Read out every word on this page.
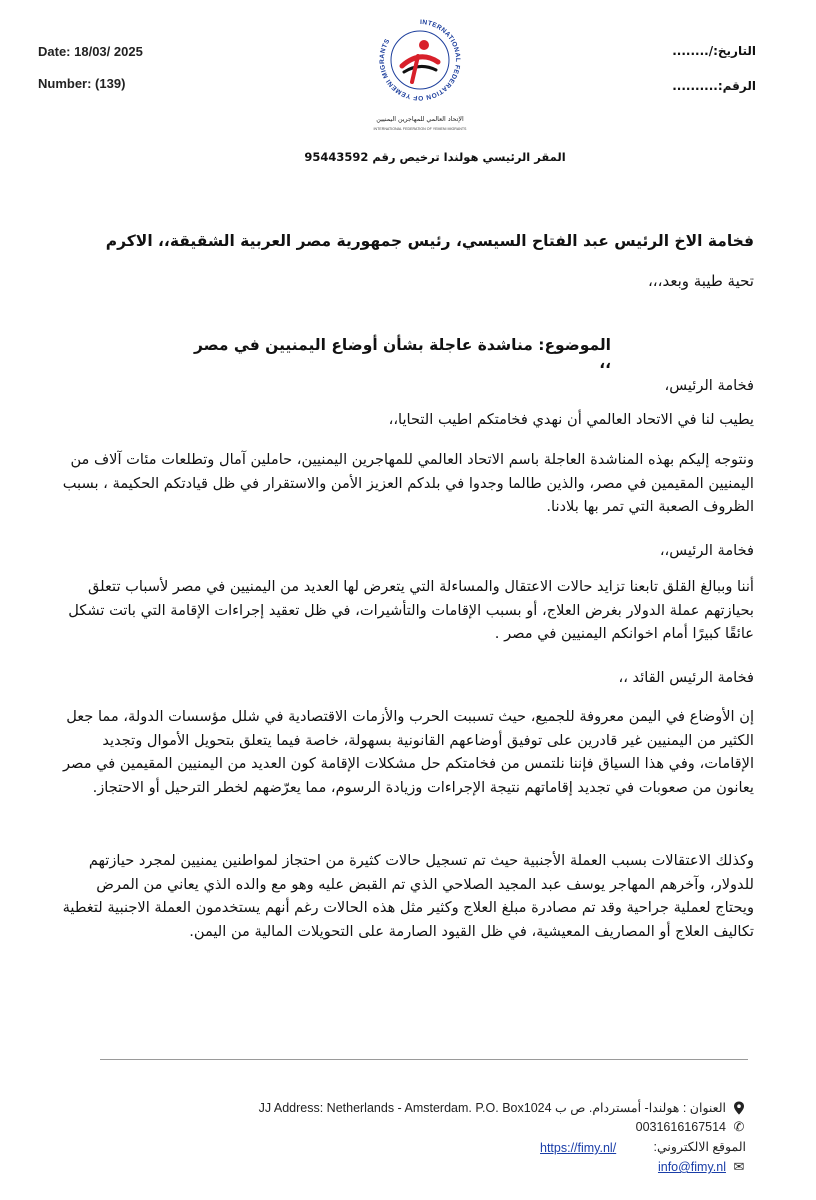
Date: 18/03/ 2025
Number: (139)
التاريخ:/........
الرقم:..........
INTERNATIONAL FEDERATION OF YEMENI MIGRANTS
الإتحاد العالمي للمهاجرين اليمنيين
INTERNATIONAL FEDERATION OF YEMENI MIGRANTS
المقر الرئيسي هولندا ترخيص رقم 95443592
فخامة الاخ الرئيس عبد الفتاح السيسي، رئيس جمهورية مصر العربية الشقيقة،، الاكرم
تحية طيبة وبعد،،،
الموضوع: مناشدة عاجلة بشأن أوضاع اليمنيين في مصر ،،
فخامة الرئيس،
يطيب لنا في الاتحاد العالمي أن نهدي فخامتكم اطيب التحايا،،
ونتوجه إليكم بهذه المناشدة العاجلة باسم الاتحاد العالمي للمهاجرين اليمنيين، حاملين آمال وتطلعات مئات آلاف من اليمنيين المقيمين في مصر، والذين طالما وجدوا في بلدكم العزيز الأمن والاستقرار في ظل قيادتكم الحكيمة ، بسبب الظروف الصعبة التي تمر بها بلادنا.
فخامة الرئيس،،
أننا وببالغ القلق تابعنا تزايد حالات الاعتقال والمساءلة التي يتعرض لها العديد من اليمنيين في مصر لأسباب تتعلق بحيازتهم عملة الدولار بغرض العلاج، أو بسبب الإقامات والتأشيرات، في ظل تعقيد إجراءات الإقامة التي باتت تشكل عائقًا كبيرًا أمام اخوانكم اليمنيين في مصر .
فخامة الرئيس القائد ،،
إن الأوضاع في اليمن معروفة للجميع، حيث تسببت الحرب والأزمات الاقتصادية في شلل مؤسسات الدولة، مما جعل الكثير من اليمنيين غير قادرين على توفيق أوضاعهم القانونية بسهولة، خاصة فيما يتعلق بتحويل الأموال وتجديد الإقامات، وفي هذا السياق فإننا نلتمس من فخامتكم حل مشكلات الإقامة كون العديد من اليمنيين المقيمين في مصر يعانون من صعوبات في تجديد إقاماتهم نتيجة الإجراءات وزيادة الرسوم، مما يعرّضهم لخطر الترحيل أو الاحتجاز.
وكذلك الاعتقالات بسبب العملة الأجنبية حيث تم تسجيل حالات كثيرة من احتجاز لمواطنين يمنيين لمجرد حيازتهم للدولار، وآخرهم المهاجر يوسف عبد المجيد الصلاحي الذي تم القبض عليه وهو مع والده الذي يعاني من المرض ويحتاج لعملية جراحية وقد تم مصادرة مبلغ العلاج وكثير مثل هذه الحالات رغم أنهم يستخدمون العملة الاجنبية لتغطية تكاليف العلاج أو المصاريف المعيشية، في ظل القيود الصارمة على التحويلات المالية من اليمن.
العنوان : هولندا- أمستردام. ص ب JJ Address: Netherlands - Amsterdam. P.O. Box1024
✆
0031616167514
الموقع الالكتروني:
https://fimy.nl/
info@fimy.nl ✉
